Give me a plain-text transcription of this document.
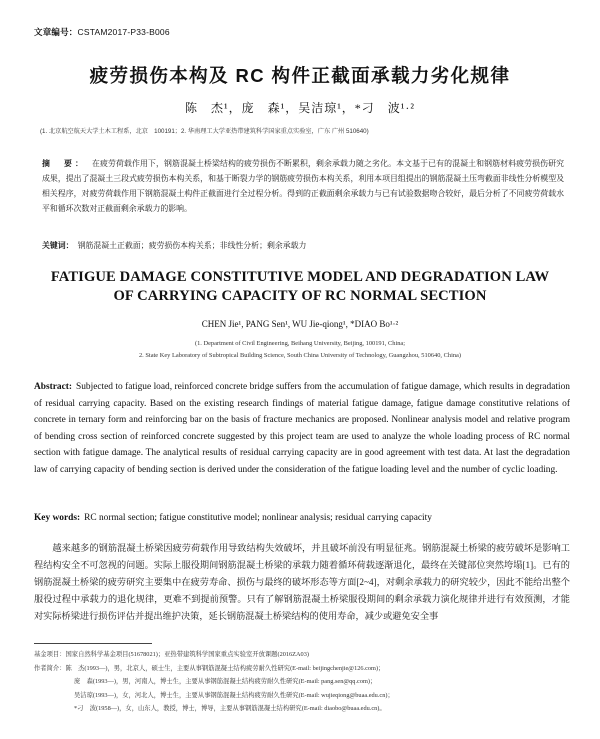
文章编号：CSTAM2017-P33-B006
疲劳损伤本构及 RC 构件正截面承载力劣化规律
陈　杰¹，庞　森¹，吴洁琼¹，*刁　波¹·²
(1. 北京航空航天大学土木工程系，北京　100191；2. 华南理工大学亚热带建筑科学国家重点实验室，广东 广州 510640)
摘　要： 在疲劳荷载作用下，钢筋混凝土桥梁结构的疲劳损伤不断累积，剩余承载力随之劣化。本文基于已有的混凝土和钢筋材料疲劳损伤研究成果，提出了混凝土三段式疲劳损伤本构关系，和基于断裂力学的钢筋疲劳损伤本构关系，利用本项目组提出的钢筋混凝土压弯截面非线性分析模型及相关程序，对疲劳荷载作用下钢筋混凝土构件正截面进行全过程分析。得到的正截面剩余承载力与已有试验数据吻合较好，最后分析了不同疲劳荷载水平和循环次数对正截面剩余承载力的影响。
关键词： 钢筋混凝土正截面；疲劳损伤本构关系；非线性分析；剩余承载力
FATIGUE DAMAGE CONSTITUTIVE MODEL AND DEGRADATION LAW
OF CARRYING CAPACITY OF RC NORMAL SECTION
CHEN Jie¹, PANG Sen¹, WU Jie-qiong¹, *DIAO Bo¹·²
(1. Department of Civil Engineering, Beihang University, Beijing, 100191, China;
2. State Key Laboratory of Subtropical Building Science, South China University of Technology, Guangzhou, 510640, China)
Abstract: Subjected to fatigue load, reinforced concrete bridge suffers from the accumulation of fatigue damage, which results in degradation of residual carrying capacity. Based on the existing research findings of material fatigue damage, fatigue damage constitutive relations of concrete in ternary form and reinforcing bar on the basis of fracture mechanics are proposed. Nonlinear analysis model and relative program of bending cross section of reinforced concrete suggested by this project team are used to analyze the whole loading process of RC normal section with fatigue damage. The analytical results of residual carrying capacity are in good agreement with test data. At last the degradation law of carrying capacity of bending section is derived under the consideration of the fatigue loading level and the number of cyclic loading.
Key words: RC normal section; fatigue constitutive model; nonlinear analysis; residual carrying capacity
越来越多的钢筋混凝土桥梁因疲劳荷载作用导致结构失效破坏，并且破坏前没有明显征兆。钢筋混凝土桥梁的疲劳破坏是影响工程结构安全不可忽视的问题。实际上服役期间钢筋混凝土桥梁的承载力随着循环荷载逐渐退化，最终在关键部位突然垮塌[1]。已有的钢筋混凝土桥梁的疲劳研究主要集中在疲劳寿命、损伤与最终的破坏形态等方面[2~4]，对剩余承载力的研究较少，因此不能给出整个服役过程中承载力的退化规律，更难不到提前预警。只有了解钢筋混凝土桥梁服役期间的剩余承载力演化规律并进行有效预测，才能对实际桥梁进行损伤评估并提出维护决策，延长钢筋混凝土桥梁结构的使用寿命，减少或避免安全事
基金项目：国家自然科学基金项目(51678021)；亚热带建筑科学国家重点实验室开放课题(2016ZA03)
作者简介：陈　杰(1993—)，男，北京人，硕士生，主要从事钢筋混凝土结构疲劳耐久性研究(E-mail: beijingchenjie@126.com)；
庞　森(1993—)，男，河南人，博士生，主要从事钢筋混凝土结构疲劳耐久性研究(E-mail: pang.sen@qq.com)；
吴洁琼(1993—)，女，河北人，博士生，主要从事钢筋混凝土结构疲劳耐久性研究(E-mail: wujieqiong@buaa.edu.cn)；
*刁　波(1958—)，女，山东人，教授，博士，博导，主要从事钢筋混凝土结构研究(E-mail: diaobo@buaa.edu.cn)。
